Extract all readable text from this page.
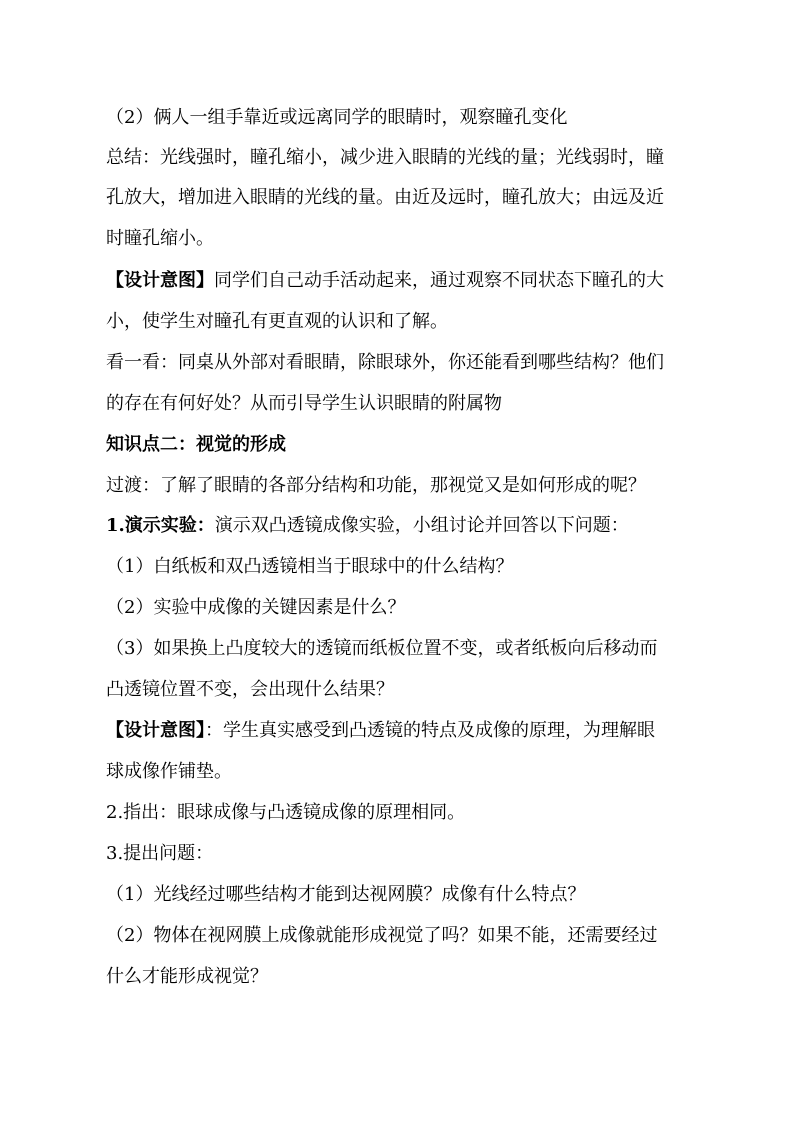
（2）俩人一组手靠近或远离同学的眼睛时，观察瞳孔变化
总结：光线强时，瞳孔缩小，减少进入眼睛的光线的量；光线弱时，瞳
孔放大，增加进入眼睛的光线的量。由近及远时，瞳孔放大；由远及近
时瞳孔缩小。
【设计意图】同学们自己动手活动起来，通过观察不同状态下瞳孔的大
小，使学生对瞳孔有更直观的认识和了解。
看一看：同桌从外部对看眼睛，除眼球外，你还能看到哪些结构？他们
的存在有何好处？从而引导学生认识眼睛的附属物
知识点二：视觉的形成
过渡：了解了眼睛的各部分结构和功能，那视觉又是如何形成的呢？
1.演示实验：演示双凸透镜成像实验，小组讨论并回答以下问题：
（1）白纸板和双凸透镜相当于眼球中的什么结构？
（2）实验中成像的关键因素是什么？
（3）如果换上凸度较大的透镜而纸板位置不变，或者纸板向后移动而
凸透镜位置不变，会出现什么结果？
【设计意图】：学生真实感受到凸透镜的特点及成像的原理，为理解眼
球成像作铺垫。
2.指出：眼球成像与凸透镜成像的原理相同。
3.提出问题：
（1）光线经过哪些结构才能到达视网膜？成像有什么特点？
（2）物体在视网膜上成像就能形成视觉了吗？如果不能，还需要经过
什么才能形成视觉？
